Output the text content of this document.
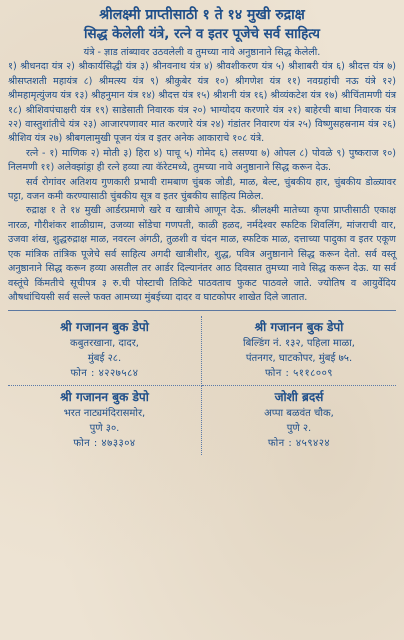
श्रीलक्ष्मी प्राप्तीसाठी १ ते १४ मुखी रुद्राक्ष
सिद्ध केलेली यंत्रे, रत्ने व इतर पूजेचे सर्व साहित्य

यंत्रे - ज्ञाड तांब्यावर उठवलेली व तुमच्या नावे अनुष्ठानाने सिद्ध केलेली.

१) श्रीधनदा यंत्र २) श्रीकार्यसिद्धी यंत्र ३) श्रीनवनाथ यंत्र ४) श्रीवशीकरण यंत्र ५) श्रीशाबरी यंत्र ६) श्रीदत्त यंत्र ७) श्रीसप्तशती महायंत्र ८) श्रीमत्स्य यंत्र ९) श्रीकुबेर यंत्र १०) श्रीगणेश यंत्र ११) नवग्रहांची नऊ यंत्रे १२) श्रीमहामृत्युंजय यंत्र १३) श्रीहनुमान यंत्र १४) श्रीदत्त यंत्र १५) श्रीशनी यंत्र १६) श्रीव्यंकटेश यंत्र १७) श्रीचिंतामणी यंत्र १८) श्रीशिवपंचाक्षरी यंत्र १९) साडेसाती निवारक यंत्र २०) भाग्योदय करणारे यंत्र २१) बाहेरची बाधा निवारक यंत्र २२) वास्तुशांतीचे यंत्र २३) आजारपणावर मात करणारे यंत्र २४) गंडांतर निवारण यंत्र २५) विष्णुसहस्रनाम यंत्र २६) श्रीशिव यंत्र २७) श्रीबगलामुखी पूजन यंत्र व इतर अनेक आकाराचे १०८ यंत्रे.

रत्ने - १) माणिक २) मोती ३) हिरा ४) पाचू ५) गोमेद ६) लसण्या ७) ओपल ८) पोवळे ९) पुष्कराज १०) निलमणी ११) अलेक्झांड्रा ही रत्ने हव्या त्या कॅरेटमध्ये, तुमच्या नावे अनुष्ठानाने सिद्ध करून देऊ.

सर्व रोगांवर अतिशय गुणकारी प्रभावी रामबाण चुंबक जोडी, माळ, बेल्ट, चुंबकीय हार, चुंबकीय डोळ्यावर पट्टा, वजन कमी करण्यासाठी चुंबकीय सूत्र व इतर चुंबकीय साहित्य मिळेल.

रुद्राक्ष १ ते १४ मुखी आर्डरप्रमाणे खरे व खात्रीचे आणून देऊ. श्रीलक्ष्मी मातेच्या कृपा प्राप्तीसाठी एकाक्ष नारळ, गौरीशंकर शाळीग्राम, उजव्या सोंडेचा गणपती, काळी हळद, नर्मदेश्वर स्फटिक शिवलिंग, मांजराची वार, उजवा शंख, शुद्धरुद्राक्ष माळ, नवरत्न अंगठी, तुळशी व चंदन माळ, स्फटिक माळ, दत्ताच्या पादुका व इतर एकूण एक मांत्रिक तांत्रिक पूजेचे सर्व साहित्य अगदी खात्रीशीर, शुद्ध, पवित्र अनुष्ठानाने सिद्ध करून देतो. सर्व वस्तू अनुष्ठानाने सिद्ध करून हव्या असतील तर आर्डर दिल्यानंतर आठ दिवसात तुमच्या नावे सिद्ध करून देऊ. या सर्व वस्तूंचे किंमतीचे सूचीपत्र ३ रु.ची पोस्टाची तिकिटे पाठवताच फुकट पाठवले जाते. ज्योतिष व आयुर्वेदिय औषधांचियसी सर्व सल्ले फक्त आमच्या मुंबईच्या दादर व घाटकोपर शाखेत दिले जातात.

श्री गजानन बुक डेपो
कबुतरखाना, दादर,
मुंबई २८.
फोन : ४२२७५८४
श्री गजानन बुक डेपो
बिल्डिंग नं. १३२, पहिला माळा,
पंतनगर, घाटकोपर, मुंबई ७५.
फोन : ५११८००९
श्री गजानन बुक डेपो
भरत नाट्यमंदिरासमोर,
पुणे ३०.
फोन : ४७३३०४
जोशी ब्रदर्स
अप्पा बळवंत चौक,
पुणे २.
फोन : ४५९४२४
